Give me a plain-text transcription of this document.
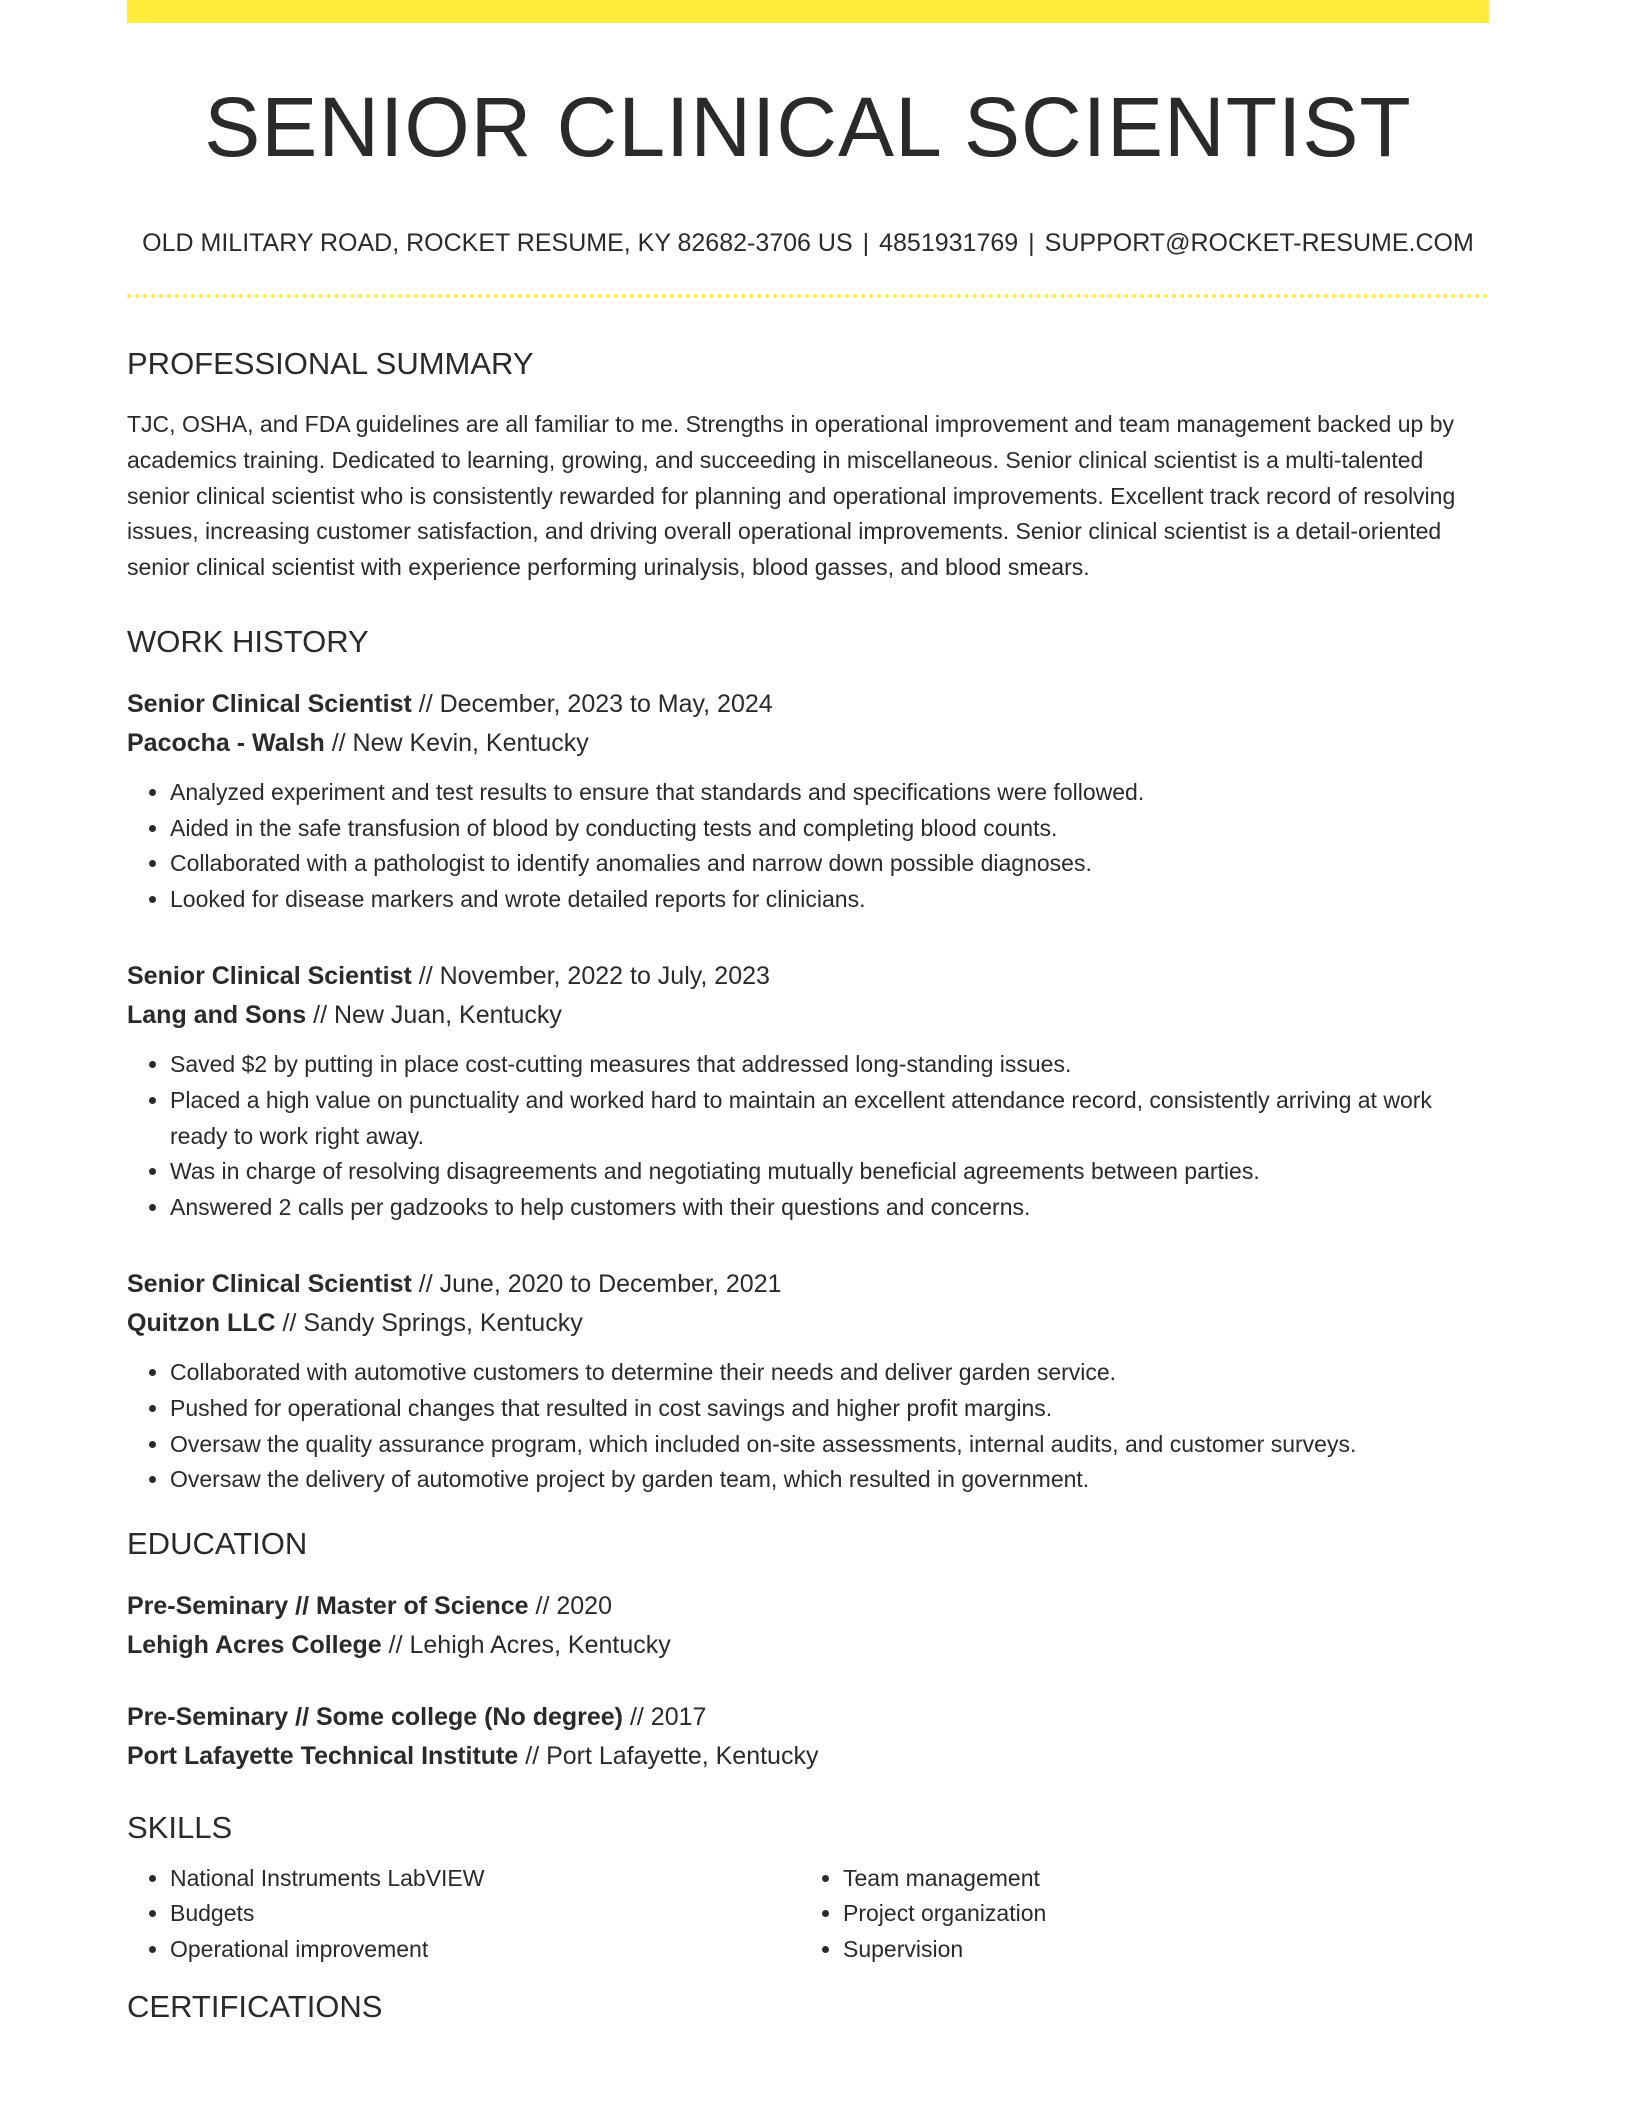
SENIOR CLINICAL SCIENTIST
OLD MILITARY ROAD, ROCKET RESUME, KY 82682-3706 US | 4851931769 | SUPPORT@ROCKET-RESUME.COM
PROFESSIONAL SUMMARY

TJC, OSHA, and FDA guidelines are all familiar to me. Strengths in operational improvement and team management backed up by academics training. Dedicated to learning, growing, and succeeding in miscellaneous. Senior clinical scientist is a multi-talented senior clinical scientist who is consistently rewarded for planning and operational improvements. Excellent track record of resolving issues, increasing customer satisfaction, and driving overall operational improvements. Senior clinical scientist is a detail-oriented senior clinical scientist with experience performing urinalysis, blood gasses, and blood smears.

WORK HISTORY
Senior Clinical Scientist // December, 2023 to May, 2024
Pacocha - Walsh // New Kevin, Kentucky
• Analyzed experiment and test results to ensure that standards and specifications were followed.
• Aided in the safe transfusion of blood by conducting tests and completing blood counts.
• Collaborated with a pathologist to identify anomalies and narrow down possible diagnoses.
• Looked for disease markers and wrote detailed reports for clinicians.
Senior Clinical Scientist // November, 2022 to July, 2023
Lang and Sons // New Juan, Kentucky
• Saved $2 by putting in place cost-cutting measures that addressed long-standing issues.
• Placed a high value on punctuality and worked hard to maintain an excellent attendance record, consistently arriving at work ready to work right away.
• Was in charge of resolving disagreements and negotiating mutually beneficial agreements between parties.
• Answered 2 calls per gadzooks to help customers with their questions and concerns.
Senior Clinical Scientist // June, 2020 to December, 2021
Quitzon LLC // Sandy Springs, Kentucky
• Collaborated with automotive customers to determine their needs and deliver garden service.
• Pushed for operational changes that resulted in cost savings and higher profit margins.
• Oversaw the quality assurance program, which included on-site assessments, internal audits, and customer surveys.
• Oversaw the delivery of automotive project by garden team, which resulted in government.
EDUCATION
Pre-Seminary // Master of Science // 2020
Lehigh Acres College // Lehigh Acres, Kentucky
Pre-Seminary // Some college (No degree) // 2017
Port Lafayette Technical Institute // Port Lafayette, Kentucky
SKILLS
• National Instruments LabVIEW
• Budgets
• Operational improvement
• Team management
• Project organization
• Supervision
CERTIFICATIONS
